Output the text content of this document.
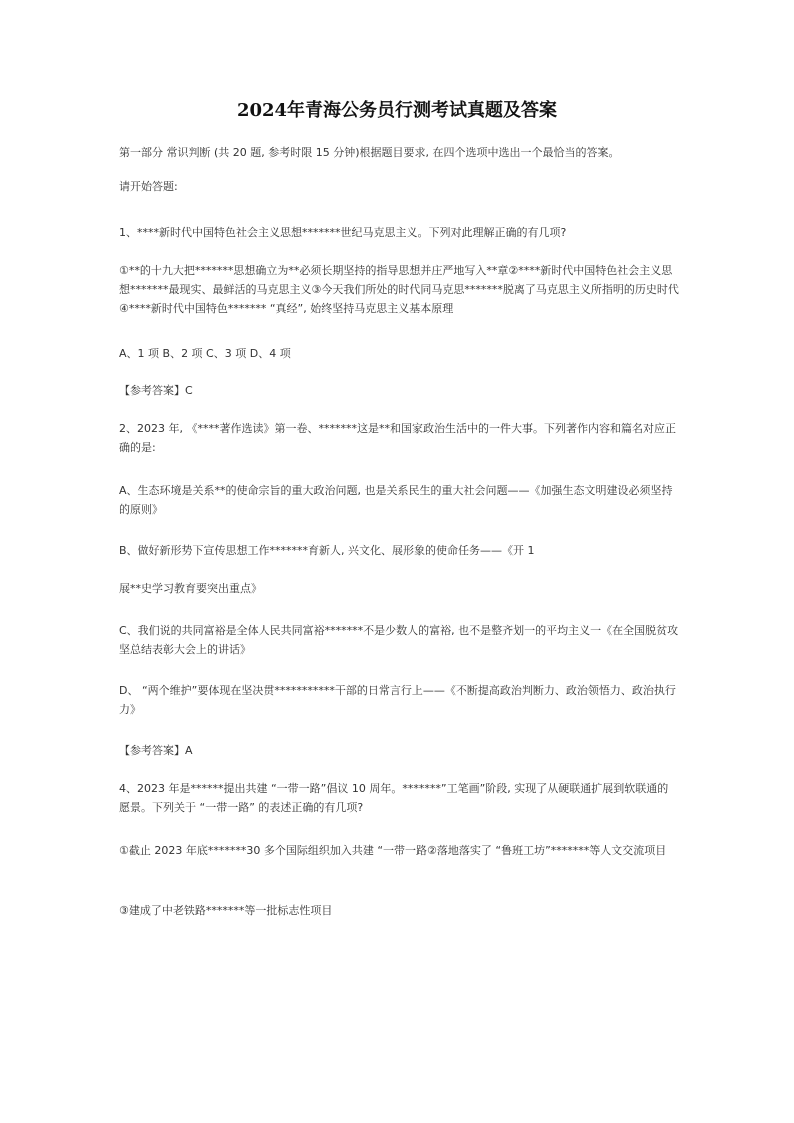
2024年青海公务员行测考试真题及答案

第一部分 常识判断 (共 20 题, 参考时限 15 分钟)根据题目要求, 在四个选项中选出一个最恰当的答案。

请开始答题:

1、****新时代中国特色社会主义思想*******世纪马克思主义。下列对此理解正确的有几项?

①**的十九大把*******思想确立为**必须长期坚持的指导思想并庄严地写入**章②****新时代中国特色社会主义思想*******最现实、最鲜活的马克思主义③今天我们所处的时代同马克思*******脱离了马克思主义所指明的历史时代④****新时代中国特色******* “真经”, 始终坚持马克思主义基本原理

A、1 项 B、2 项 C、3 项 D、4 项

【参考答案】C

2、2023 年, 《****著作选读》第一卷、*******这是**和国家政治生活中的一件大事。下列著作内容和篇名对应正确的是:

A、生态环境是关系**的使命宗旨的重大政治问题, 也是关系民生的重大社会问题——《加强生态文明建设必须坚持的原则》

B、做好新形势下宣传思想工作*******育新人, 兴文化、展形象的使命任务——《开 1

展**史学习教育要突出重点》

C、我们说的共同富裕是全体人民共同富裕*******不是少数人的富裕, 也不是整齐划一的平均主义一《在全国脱贫攻坚总结表彰大会上的讲话》

D、 “两个维护”要体现在坚决贯***********干部的日常言行上——《不断提高政治判断力、政治领悟力、政治执行力》

【参考答案】A

4、2023 年是******提出共建 “一带一路”倡议 10 周年。*******”工笔画”阶段, 实现了从硬联通扩展到软联通的愿景。下列关于 “一带一路” 的表述正确的有几项?

①截止 2023 年底*******30 多个国际组织加入共建 “一带一路②落地落实了 “鲁班工坊”*******等人文交流项目

③建成了中老铁路*******等一批标志性项目
